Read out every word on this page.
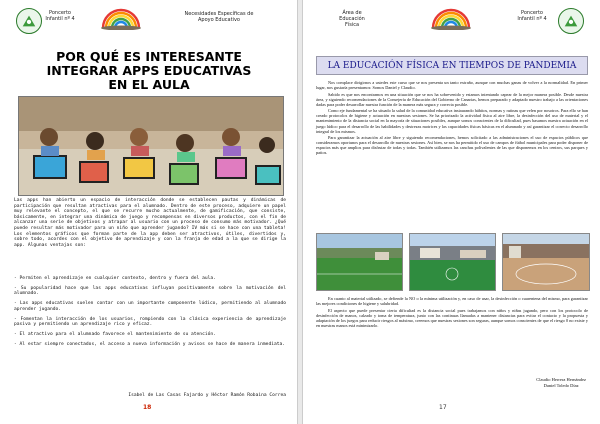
Poncerto
Infantil nº 4
Necesidades Específicas de Apoyo Educativo
POR QUÉ ES INTERESANTE
INTEGRAR APPS EDUCATIVAS
EN EL AULA
Las apps han abierto un espacio de interacción donde se establecen pautas y dinámicas de participación que resultan atractivas para el alumnado. Dentro de este proceso, adquiere un papel muy relevante el concepto, el que se recurre mucho actualmente, de gamificación, que consiste, básicamente, en integrar una dinámica de juego y recompensas en diversos productos, con el fin de alcanzar una serie de objetivos y atrapar al usuario con un proceso de consumo más motivador. ¿Qué puede resultar más motivador para un niño que aprender jugando? IV más si se hace con una tableta! Los elementos gráficos que forman parte de la app deben ser atractivos, útiles, divertidos y, sobre todo, acordes con el objetivo de aprendizaje y con la franja de edad a la que se dirige la app. Algunas ventajas son:

- Permiten el aprendizaje en cualquier contexto, dentro y fuera del aula.

- Su popularidad hace que las apps educativas influyan positivamente sobre la motivación del alumnado.

- Las apps educativas suelen contar con un importante componente lúdico, permitiendo al alumnado aprender jugando.

- Fomentan la interacción de los usuarios, rompiendo con la clásica experiencia de aprendizaje pasiva y permitiendo un aprendizaje rico y eficaz.

- El atractivo para el alumnado favorece el mantenimiento de su atención.

- Al estar siempre conectados, el acceso a nueva información y avisos se hace de manera inmediata.

Isabel de Las Casas Fajardo y Héctor Ramón Robaina Correa
18
Área de Educación
Física
Poncerto
Infantil nº 4
LA EDUCACIÓN FÍSICA EN TIEMPOS DE PANDEMIA

Nos complace dirigirnos a ustedes este curso que se nos presenta un tanto extraño, aunque con muchas ganas de volver a la normalidad. En primer lugar, nos gustaría presentarnos: Somos Daniel y Claudio.

Sabido es que nos encontramos en una situación que se nos ha sobrevenido y estamos intentando capear de la mejor manera posible. Desde nuestra área, y siguiendo recomendaciones de la Consejería de Educación del Gobierno de Canarias, hemos preparado y adaptado nuestro trabajo a las orientaciones dadas para poder desarrollar nuestra función de la manera más segura y correcta posible.

Como eje fundamental se ha situado la salud de la comunidad educativa instaurando hábitos, normas y rutinas que velen por nosotros. Para ello se han creado protocolos de higiene y actuación en nuestras sesiones. Se ha priorizado la actividad física al aire libre, la desinfección del uso de material y el mantenimiento de la distancia social en la mayoría de situaciones posibles, aunque somos conscientes de la dificultad, pues basamos nuestra actuación en el juego lúdico para el desarrollo de las habilidades y destrezas motrices y las capacidades físicas básicas en el alumnado y así garantizar el correcto desarrollo integral de los mismos.

Para garantizar la actuación al aire libre y siguiendo recomendaciones, hemos solicitado a las administraciones el uso de espacios públicos que consideramos oportunos para el desarrollo de nuestras sesiones. Así bien, se nos ha permitido el uso de campos de fútbol municipales para poder disponer de espacios más que amplios para disfrutar de todas y todas. También utilizamos las canchas polivalentes de las que disponemos en los centros, sus parques y patios.

En cuanto al material utilizado, se defiende la NO o la mínima utilización y, en caso de usar, la desinfección o cuarentena del mismo, para garantizar las mejores condiciones de higiene y salubridad.

El aspecto que puede presentar cierta dificultad es la distancia social pues trabajamos con niños y niñas jugando, pero con los protocolo de desinfección de manos, calzado y toma de temperatura, junto con las continuas llamadas a mantener distancias para evitar el contacto y la propuesta y adaptación de los juegos para reducir riesgos al máximo, creemos que nuestras sesiones son seguras, aunque somos conscientes de que el riesgo 0 no existe y en nuestras manos está minimizarlo.

Claudio Herrera Hernández
Daniel Toledo Díaz
17
